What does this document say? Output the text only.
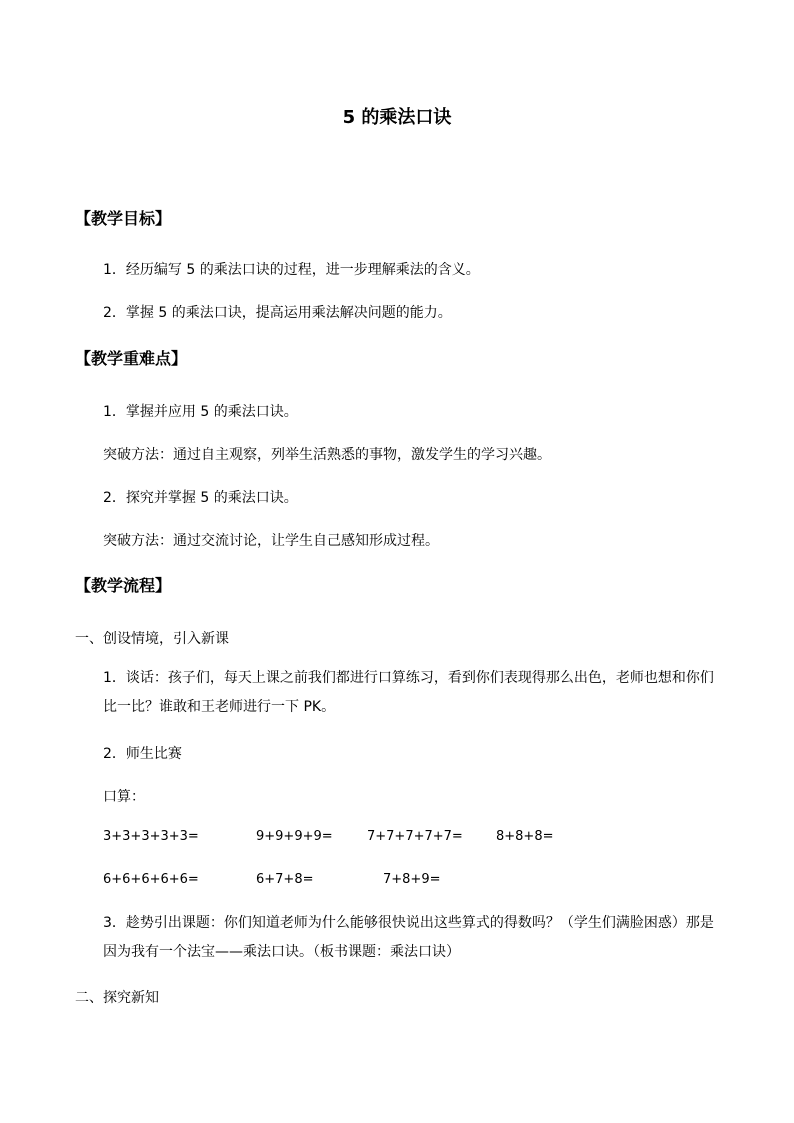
5 的乘法口诀
【教学目标】
1．经历编写 5 的乘法口诀的过程，进一步理解乘法的含义。
2．掌握 5 的乘法口诀，提高运用乘法解决问题的能力。
【教学重难点】
1．掌握并应用 5 的乘法口诀。
突破方法：通过自主观察，列举生活熟悉的事物，激发学生的学习兴趣。
2．探究并掌握 5 的乘法口诀。
突破方法：通过交流讨论，让学生自己感知形成过程。
【教学流程】
一、创设情境，引入新课
1．谈话：孩子们，每天上课之前我们都进行口算练习，看到你们表现得那么出色，老师也想和你们比一比？谁敢和王老师进行一下 PK。
2．师生比赛
口算：
3+3+3+3+3=	9+9+9+9=	7+7+7+7+7=	8+8+8=
6+6+6+6+6=	6+7+8=	7+8+9=
3．趁势引出课题：你们知道老师为什么能够很快说出这些算式的得数吗？（学生们满脸困惑）那是因为我有一个法宝——乘法口诀。（板书课题：乘法口诀）
二、探究新知
